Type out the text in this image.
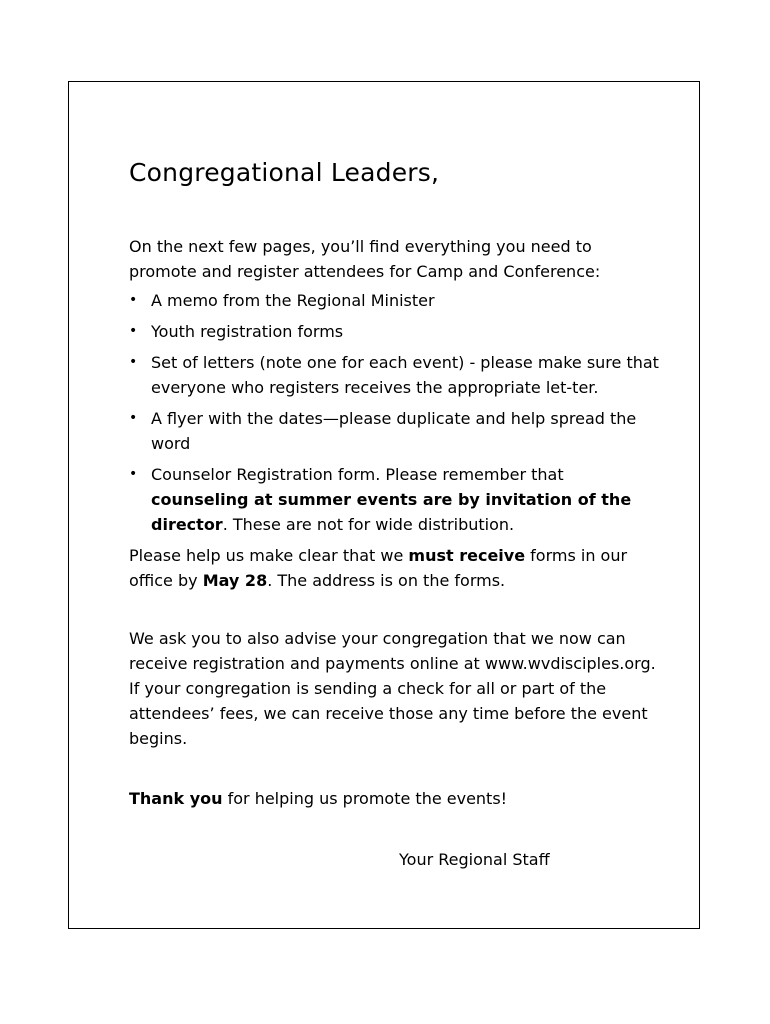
Congregational Leaders,

On the next few pages, you’ll find everything you need to promote and register attendees for Camp and Conference:

• A memo from the Regional Minister
• Youth registration forms
• Set of letters (note one for each event) - please make sure that everyone who registers receives the appropriate let-ter.
• A flyer with the dates—please duplicate and help spread the word
• Counselor Registration form. Please remember that counseling at summer events are by invitation of the director. These are not for wide distribution.

Please help us make clear that we must receive forms in our office by May 28. The address is on the forms.

We ask you to also advise your congregation that we now can receive registration and payments online at www.wvdisciples.org. If your congregation is sending a check for all or part of the attendees’ fees, we can receive those any time before the event begins.

Thank you for helping us promote the events!

Your Regional Staff
